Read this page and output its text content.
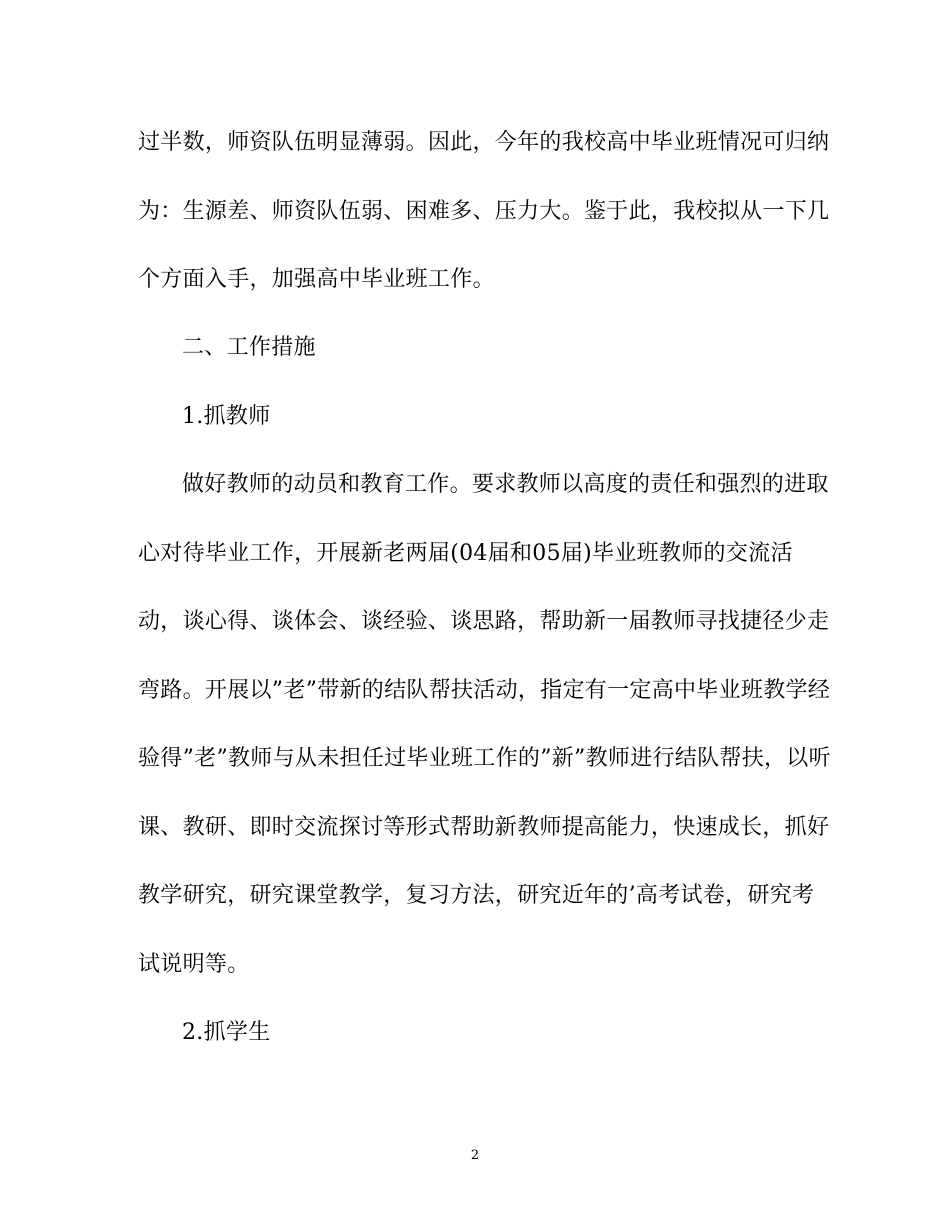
过半数，师资队伍明显薄弱。因此，今年的我校高中毕业班情况可归纳
为：生源差、师资队伍弱、困难多、压力大。鉴于此，我校拟从一下几
个方面入手，加强高中毕业班工作。
二、工作措施
1.抓教师
做好教师的动员和教育工作。要求教师以高度的责任和强烈的进取
心对待毕业工作，开展新老两届(04届和05届)毕业班教师的交流活
动，谈心得、谈体会、谈经验、谈思路，帮助新一届教师寻找捷径少走
弯路。开展以”老”带新的结队帮扶活动，指定有一定高中毕业班教学经
验得”老”教师与从未担任过毕业班工作的”新”教师进行结队帮扶，以听
课、教研、即时交流探讨等形式帮助新教师提高能力，快速成长，抓好
教学研究，研究课堂教学，复习方法，研究近年的’高考试卷，研究考
试说明等。
2.抓学生
2
